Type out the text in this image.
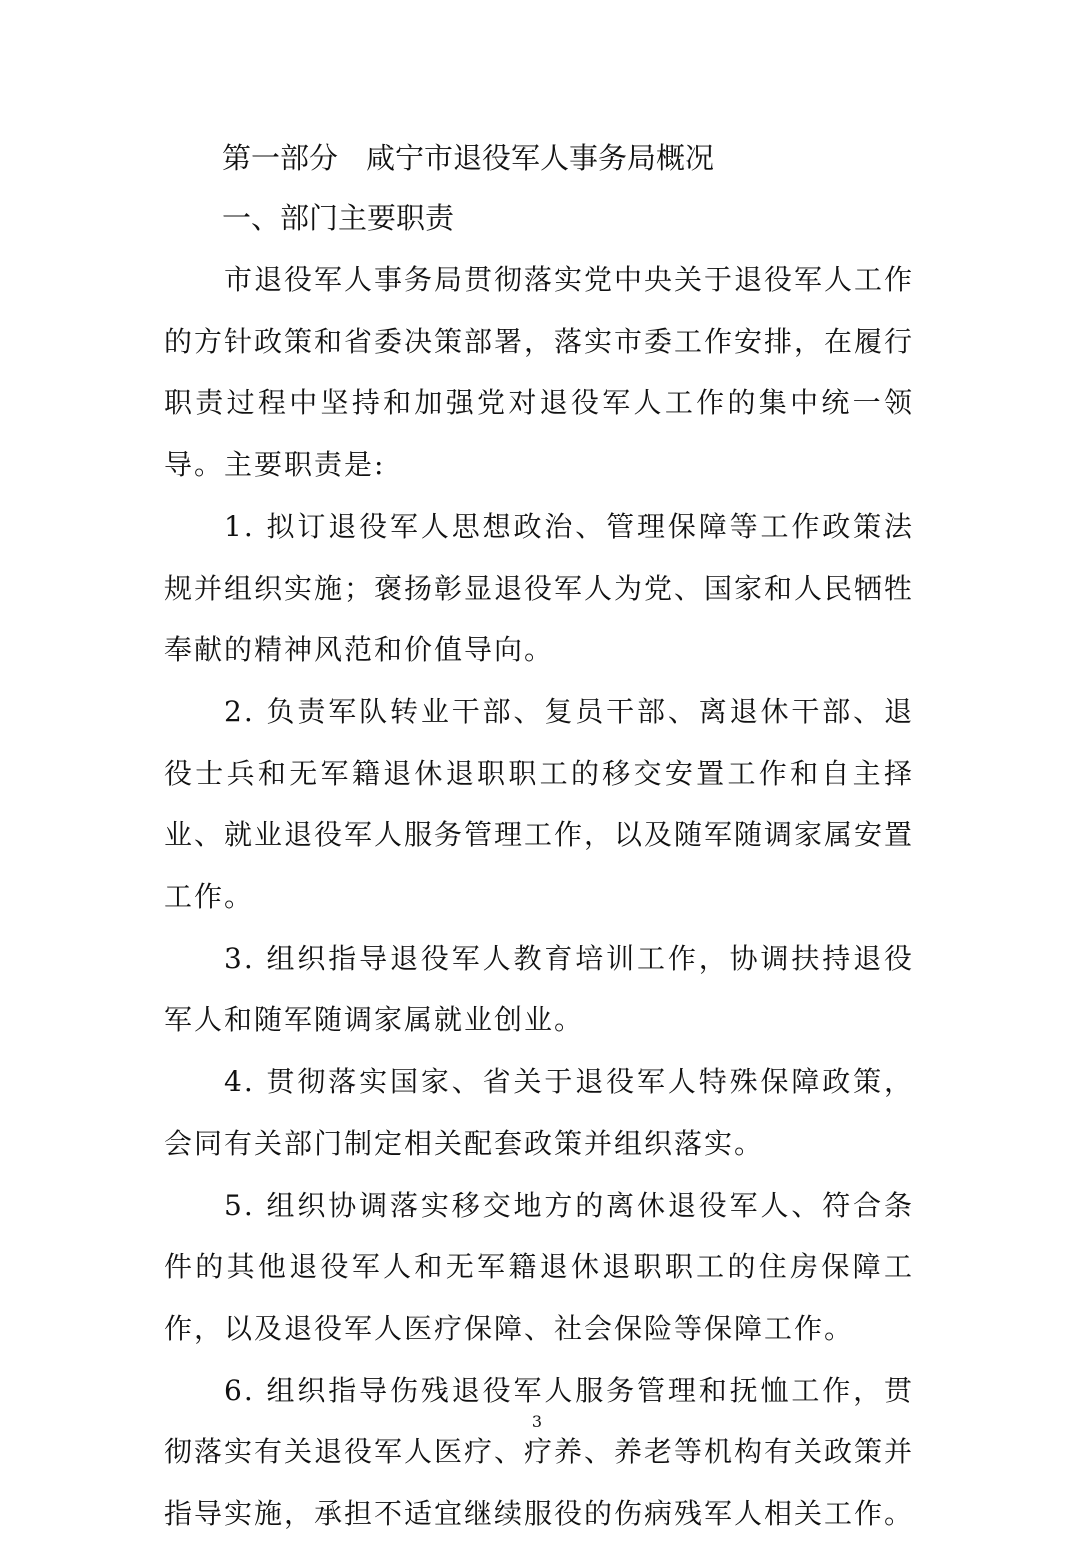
第一部分 咸宁市退役军人事务局概况
一、部门主要职责

市退役军人事务局贯彻落实党中央关于退役军人工作的方针政策和省委决策部署，落实市委工作安排，在履行职责过程中坚持和加强党对退役军人工作的集中统一领导。主要职责是:

1. 拟订退役军人思想政治、管理保障等工作政策法规并组织实施；褒扬彰显退役军人为党、国家和人民牺牲奉献的精神风范和价值导向。

2. 负责军队转业干部、复员干部、离退休干部、退役士兵和无军籍退休退职职工的移交安置工作和自主择业、就业退役军人服务管理工作，以及随军随调家属安置工作。

3. 组织指导退役军人教育培训工作，协调扶持退役军人和随军随调家属就业创业。

4. 贯彻落实国家、省关于退役军人特殊保障政策，会同有关部门制定相关配套政策并组织落实。

5. 组织协调落实移交地方的离休退役军人、符合条件的其他退役军人和无军籍退休退职职工的住房保障工作，以及退役军人医疗保障、社会保险等保障工作。

6. 组织指导伤残退役军人服务管理和抚恤工作，贯彻落实有关退役军人医疗、疗养、养老等机构有关政策并指导实施，承担不适宜继续服役的伤病残军人相关工作。

3
